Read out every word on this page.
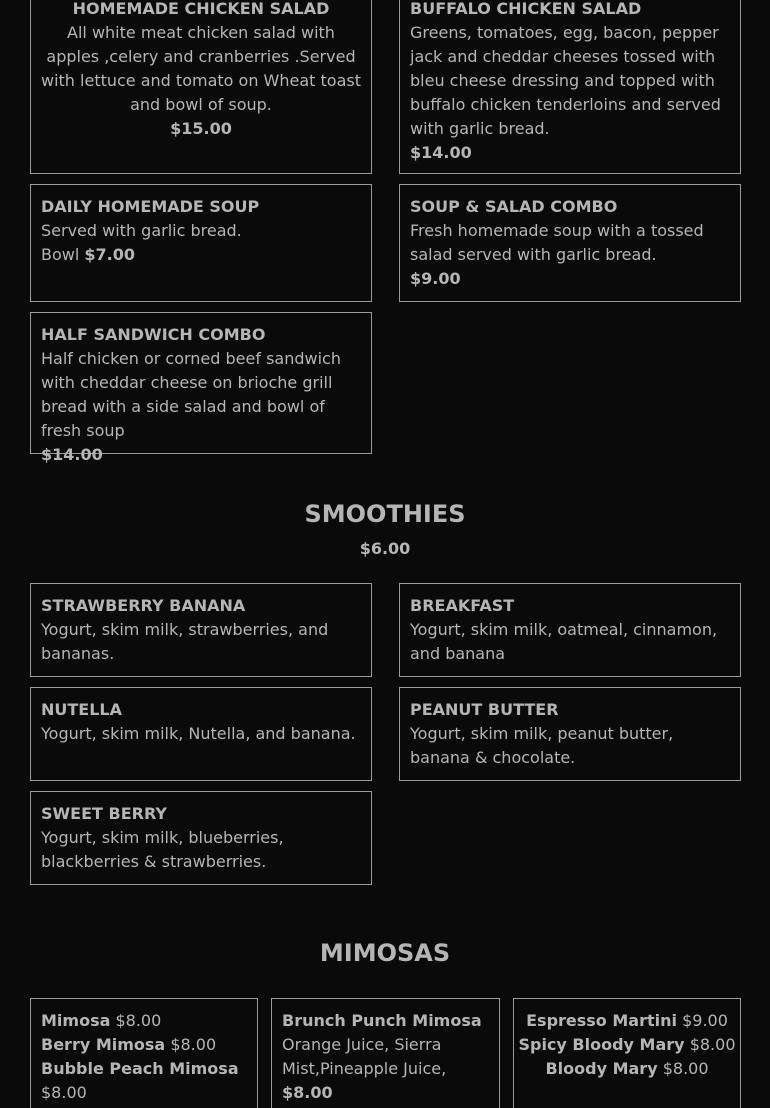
HOMEMADE CHICKEN SALAD
All white meat chicken salad with apples ,celery and cranberries .Served with lettuce and tomato on Wheat toast and bowl of soup.
$15.00
BUFFALO CHICKEN SALAD
Greens, tomatoes, egg, bacon, pepper jack and cheddar cheeses tossed with bleu cheese dressing and topped with buffalo chicken tenderloins and served with garlic bread.
$14.00
DAILY HOMEMADE SOUP
Served with garlic bread.
Bowl $7.00
SOUP & SALAD COMBO
Fresh homemade soup with a tossed salad served with garlic bread.
$9.00
HALF SANDWICH COMBO
Half chicken or corned beef sandwich with cheddar cheese on brioche grill bread with a side salad and bowl of fresh soup
$14.00
SMOOTHIES
$6.00
STRAWBERRY BANANA
Yogurt, skim milk, strawberries, and bananas.
BREAKFAST
Yogurt, skim milk, oatmeal, cinnamon, and banana
NUTELLA
Yogurt, skim milk, Nutella, and banana.
PEANUT BUTTER
Yogurt, skim milk, peanut butter, banana & chocolate.
SWEET BERRY
Yogurt, skim milk, blueberries, blackberries & strawberries.
MIMOSAS
Mimosa $8.00
Berry Mimosa $8.00
Bubble Peach Mimosa $8.00
Brunch Punch Mimosa
Orange Juice, Sierra Mist,Pineapple Juice, $8.00
Espresso Martini $9.00
Spicy Bloody Mary $8.00
Bloody Mary $8.00
